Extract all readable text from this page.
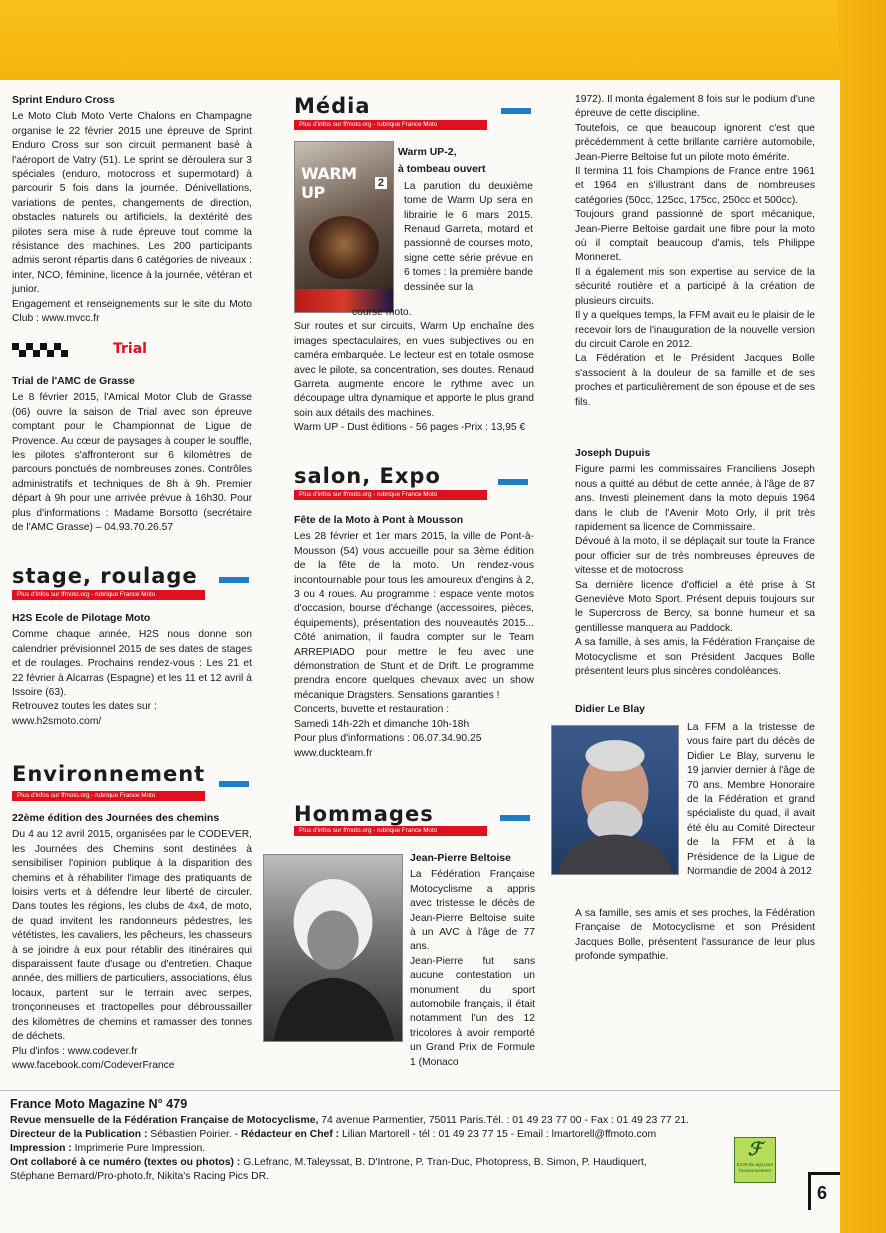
Sprint Enduro Cross

Le Moto Club Moto Verte Chalons en Champagne organise le 22 février 2015 une épreuve de Sprint Enduro Cross sur son circuit permanent basé à l'aéroport de Vatry (51). Le sprint se déroulera sur 3 spéciales (enduro, motocross et supermotard) à parcourir 5 fois dans la journée. Dénivellations, variations de pentes, changements de direction, obstacles naturels ou artificiels, la dextérité des pilotes sera mise à rude épreuve tout comme la résistance des machines. Les 200 participants admis seront répartis dans 6 catégories de niveaux : inter, NCO, féminine, licence à la journée, vétéran et junior.

Engagement et renseignements sur le site du Moto Club : www.mvcc.fr

Trial
Trial de l'AMC de Grasse

Le 8 février 2015, l'Amical Motor Club de Grasse (06) ouvre la saison de Trial avec son épreuve comptant pour le Championnat de Ligue de Provence. Au cœur de paysages à couper le souffle, les pilotes s'affronteront sur 6 kilomètres de parcours ponctués de nombreuses zones. Contrôles administratifs et techniques de 8h à 9h. Premier départ à 9h pour une arrivée prévue à 16h30. Pour plus d'informations : Madame Borsotto (secrétaire de l'AMC Grasse) – 04.93.70.26.57

stage, roulage
Plus d'infos sur ffmoto.org - rubrique France Moto
H2S Ecole de Pilotage Moto

Comme chaque année, H2S nous donne son calendrier prévisionnel 2015 de ses dates de stages et de roulages. Prochains rendez-vous : Les 21 et 22 février à Alcarras (Espagne) et les 11 et 12 avril à Issoire (63).

Retrouvez toutes les dates sur :

www.h2smoto.com/

Environnement
Plus d'infos sur ffmoto.org - rubrique France Moto
22ème édition des Journées des chemins

Du 4 au 12 avril 2015, organisées par le CODEVER, les Journées des Chemins sont destinées à sensibiliser l'opinion publique à la disparition des chemins et à réhabiliter l'image des pratiquants de loisirs verts et à défendre leur liberté de circuler. Dans toutes les régions, les clubs de 4x4, de moto, de quad invitent les randonneurs pédestres, les vététistes, les cavaliers, les pêcheurs, les chasseurs à se joindre à eux pour rétablir des itinéraires qui disparaissent faute d'usage ou d'entretien. Chaque année, des milliers de particuliers, associations, élus locaux, partent sur le terrain avec serpes, tronçonneuses et tractopelles pour débroussailler des kilomètres de chemins et ramasser des tonnes de déchets.

Plu d'infos : www.codever.fr

www.facebook.com/CodeverFrance

Média
Plus d'infos sur ffmoto.org - rubrique France Moto
WARM UP	2
Warm UP-2,
à tombeau ouvert

La parution du deuxième tome de Warm Up sera en librairie le 6 mars 2015. Renaud Garreta, motard et passionné de courses moto, signe cette série prévue en 6 tomes : la première bande dessinée sur la

course moto.

Sur routes et sur circuits, Warm Up enchaîne des images spectaculaires, en vues subjectives ou en caméra embarquée. Le lecteur est en totale osmose avec le pilote, sa concentration, ses doutes. Renaud Garreta augmente encore le rythme avec un découpage ultra dynamique et apporte le plus grand soin aux détails des machines.

Warm UP - Dust éditions - 56 pages -Prix : 13,95 €

salon, Expo
Plus d'infos sur ffmoto.org - rubrique France Moto
Fête de la Moto à Pont à Mousson

Les 28 février et 1er mars 2015, la ville de Pont-à-Mousson (54) vous accueille pour sa 3ème édition de la fête de la moto. Un rendez-vous incontournable pour tous les amoureux d'engins à 2, 3 ou 4 roues. Au programme : espace vente motos d'occasion, bourse d'échange (accessoires, pièces, équipements), présentation des nouveautés 2015... Côté animation, il faudra compter sur le Team ARREPIADO pour mettre le feu avec une démonstration de Stunt et de Drift. Le programme prendra encore quelques chevaux avec un show mécanique Dragsters. Sensations garanties !

Concerts, buvette et restauration :

Samedi 14h-22h et dimanche 10h-18h

Pour plus d'informations : 06.07.34.90.25

www.duckteam.fr

Hommages
Plus d'infos sur ffmoto.org - rubrique France Moto
Jean-Pierre Beltoise

La Fédération Française Motocyclisme a appris avec tristesse le décès de Jean-Pierre Beltoise suite à un AVC à l'âge de 77 ans.

Jean-Pierre fut sans aucune contestation un monument du sport automobile français, il était notamment l'un des 12 tricolores à avoir remporté un Grand Prix de Formule 1 (Monaco

1972). Il monta également 8 fois sur le podium d'une épreuve de cette discipline.

Toutefois, ce que beaucoup ignorent c'est que précédemment à cette brillante carrière automobile, Jean-Pierre Beltoise fut un pilote moto émérite.

Il termina 11 fois Champions de France entre 1961 et 1964 en s'illustrant dans de nombreuses catégories (50cc, 125cc, 175cc, 250cc et 500cc).

Toujours grand passionné de sport mécanique, Jean-Pierre Beltoise gardait une fibre pour la moto où il comptait beaucoup d'amis, tels Philippe Monneret.

Il a également mis son expertise au service de la sécurité routière et a participé à la création de plusieurs circuits.

Il y a quelques temps, la FFM avait eu le plaisir de le recevoir lors de l'inauguration de la nouvelle version du circuit Carole en 2012.

La Fédération et le Président Jacques Bolle s'associent à la douleur de sa famille et de ses proches et particulièrement de son épouse et de ses fils.

Joseph Dupuis

Figure parmi les commissaires Franciliens Joseph nous a quitté au début de cette année, à l'âge de 87 ans. Investi pleinement dans la moto depuis 1964 dans le club de l'Avenir Moto Orly, il prit très rapidement sa licence de Commissaire.

Dévoué à la moto, il se déplaçait sur toute la France pour officier sur de très nombreuses épreuves de vitesse et de motocross

Sa dernière licence d'officiel a été prise à St Geneviève Moto Sport. Présent depuis toujours sur le Supercross de Bercy, sa bonne humeur et sa gentillesse manquera au Paddock.

A sa famille, à ses amis, la Fédération Française de Motocyclisme et son Président Jacques Bolle présentent leurs plus sincères condoléances.

Didier Le Blay

La FFM a la tristesse de vous faire part du décès de Didier Le Blay, survenu le 19 janvier dernier à l'âge de 70 ans. Membre Honoraire de la Fédération et grand spécialiste du quad, il avait été élu au Comité Directeur de la FFM et à la Présidence de la Ligue de Normandie de 2004 à 2012

A sa famille, ses amis et ses proches, la Fédération Française de Motocyclisme et son Président Jacques Bolle, présentent l'assurance de leur plus profonde sympathie.

France Moto Magazine N° 479
Revue mensuelle de la Fédération Française de Motocyclisme, 74 avenue Parmentier, 75011 Paris.Tél. : 01 49 23 77 00 - Fax : 01 49 23 77 21.
Directeur de la Publication : Sébastien Poirier. - Rédacteur en Chef : Lilian Martorell - tél : 01 49 23 77 15 - Email : lmartorell@ffmoto.com
Impression : Imprimerie Pure Impression.
Ont collaboré à ce numéro (textes ou photos) : G.Lefranc, M.Taleyssat, B. D'Introne, P. Tran-Duc, Photopress, B. Simon, P. Haudiquert,
Stéphane Bernard/Pro-photo.fr, Nikita's Racing Pics DR.
ℱ
EcoFolio agit pour l'environnement
6
